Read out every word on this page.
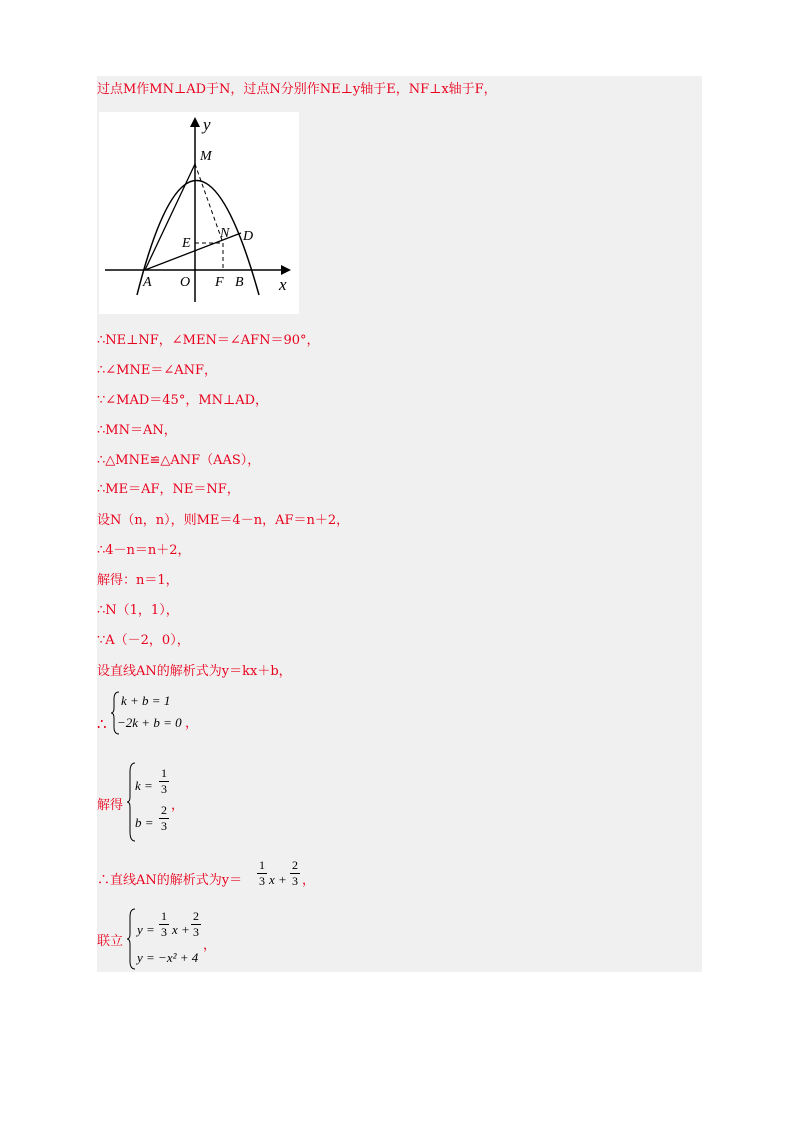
过点M作MN⊥AD于N，过点N分别作NE⊥y轴于E，NF⊥x轴于F，
y
x
M
E
N D
A O F B
∴NE⊥NF，∠MEN＝∠AFN＝90°，
∴∠MNE＝∠ANF，
∵∠MAD＝45°，MN⊥AD，
∴MN＝AN，
∴△MNE≌△ANF（AAS），
∴ME＝AF，NE＝NF，
设N（n，n），则ME＝4－n，AF＝n＋2，
∴4－n＝n＋2，
解得：n＝1，
∴N（1，1），
∵A（－2，0），
设直线AN的解析式为y＝kx＋b，
∴
k + b = 1
−2k + b = 0 ，
解得
k =
1
3
b =
2
3
，
∴直线AN的解析式为y＝
1
3 x +
2
3 ，
联立
y =
1
3 x +
2
3
y = −x² + 4
，
